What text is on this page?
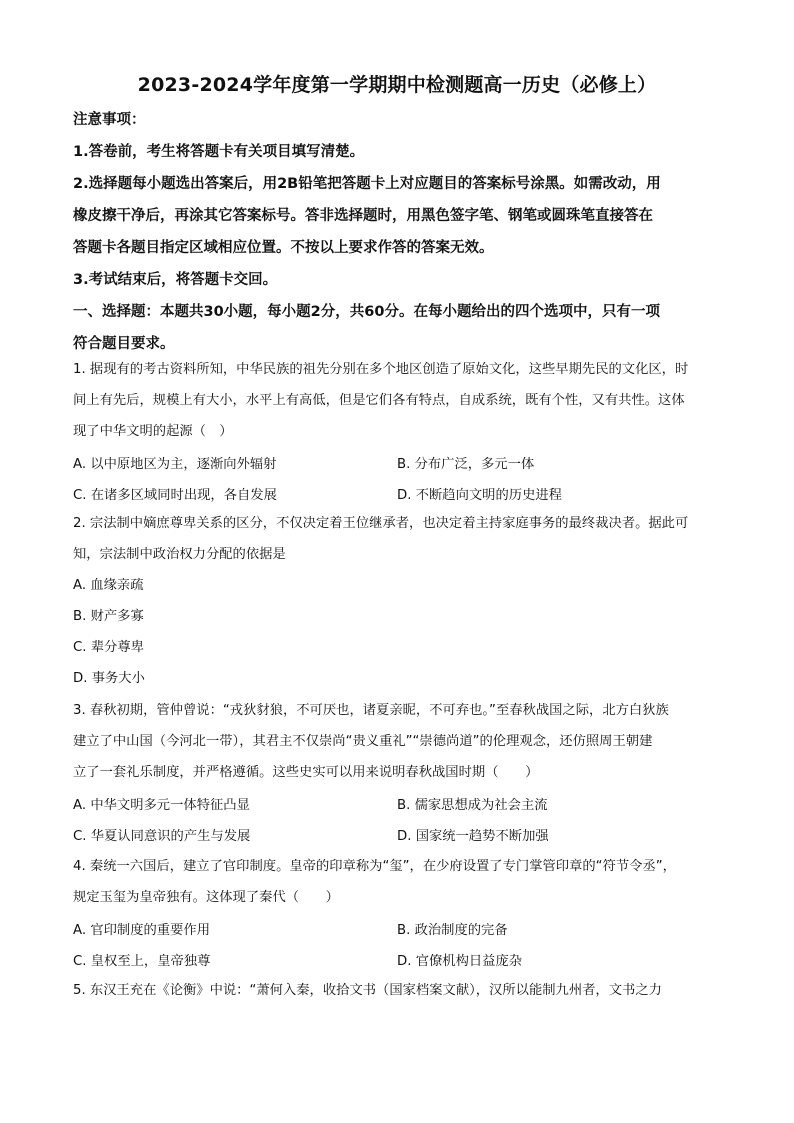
2023-2024学年度第一学期期中检测题高一历史（必修上）

注意事项：

1.答卷前，考生将答题卡有关项目填写清楚。

2.选择题每小题选出答案后，用2B铅笔把答题卡上对应题目的答案标号涂黑。如需改动，用

橡皮擦干净后，再涂其它答案标号。答非选择题时，用黑色签字笔、钢笔或圆珠笔直接答在

答题卡各题目指定区域相应位置。不按以上要求作答的答案无效。

3.考试结束后，将答题卡交回。

一、选择题：本题共30小题，每小题2分，共60分。在每小题给出的四个选项中，只有一项

符合题目要求。

1. 据现有的考古资料所知，中华民族的祖先分别在多个地区创造了原始文化，这些早期先民的文化区，时

间上有先后，规模上有大小，水平上有高低，但是它们各有特点，自成系统，既有个性，又有共性。这体

现了中华文明的起源（　）

A. 以中原地区为主，逐渐向外辐射	B. 分布广泛，多元一体
C. 在诸多区域同时出现，各自发展	D. 不断趋向文明的历史进程

2. 宗法制中嫡庶尊卑关系的区分，不仅决定着王位继承者，也决定着主持家庭事务的最终裁决者。据此可

知，宗法制中政治权力分配的依据是

A. 血缘亲疏
B. 财产多寡
C. 辈分尊卑
D. 事务大小

3. 春秋初期，管仲曾说：“戎狄豺狼，不可厌也，诸夏亲昵，不可弃也。”至春秋战国之际，北方白狄族

建立了中山国（今河北一带），其君主不仅崇尚“贵义重礼”“崇德尚道”的伦理观念，还仿照周王朝建

立了一套礼乐制度，并严格遵循。这些史实可以用来说明春秋战国时期（　　）

A. 中华文明多元一体特征凸显	B. 儒家思想成为社会主流
C. 华夏认同意识的产生与发展	D. 国家统一趋势不断加强

4. 秦统一六国后，建立了官印制度。皇帝的印章称为“玺”，在少府设置了专门掌管印章的“符节令丞”，

规定玉玺为皇帝独有。这体现了秦代（　　）

A. 官印制度的重要作用	B. 政治制度的完备
C. 皇权至上，皇帝独尊	D. 官僚机构日益庞杂

5. 东汉王充在《论衡》中说：“萧何入秦，收拾文书（国家档案文献），汉所以能制九州者，文书之力
